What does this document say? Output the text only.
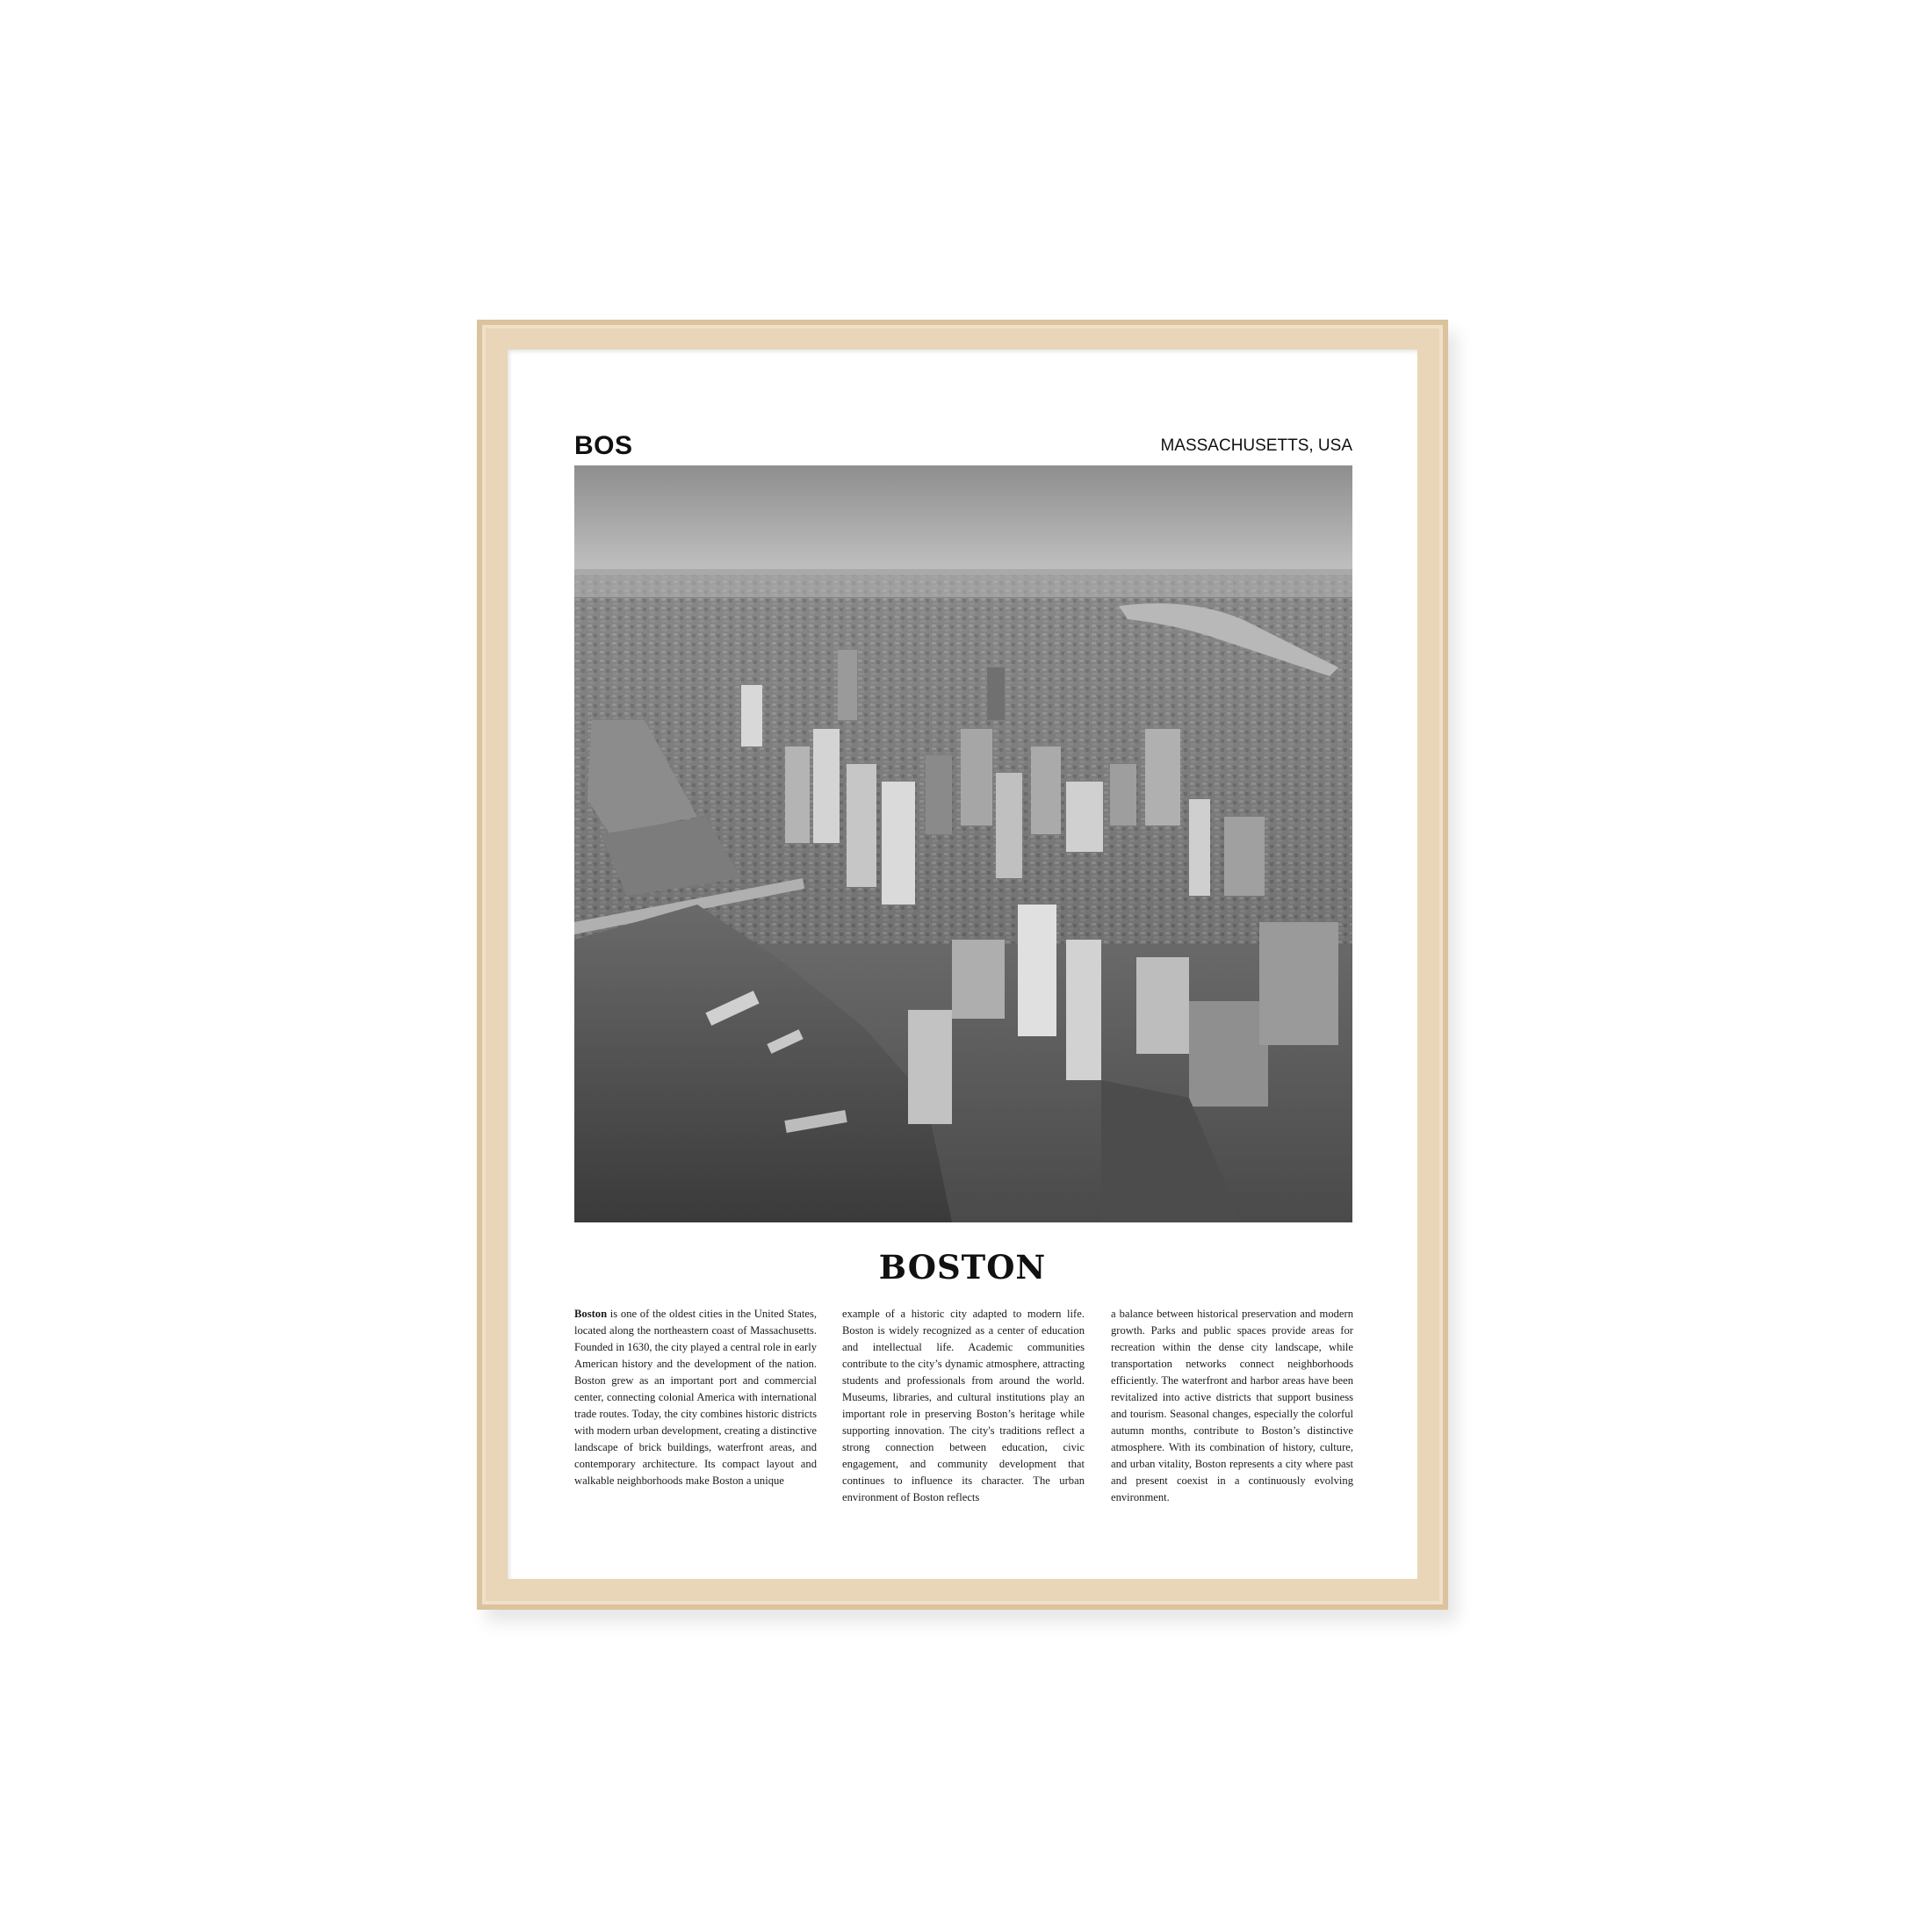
BOS	MASSACHUSETTS, USA
BOSTON
Boston is one of the oldest cities in the United States, located along the northeastern coast of Massachusetts. Founded in 1630, the city played a central role in early American history and the development of the nation. Boston grew as an important port and commercial center, connecting colonial America with international trade routes. Today, the city combines historic districts with modern urban development, creating a distinctive landscape of brick buildings, waterfront areas, and contemporary architecture. Its compact layout and walkable neighborhoods make Boston a unique
example of a historic city adapted to modern life. Boston is widely recognized as a center of education and intellectual life. Academic communities contribute to the city’s dynamic atmosphere, attracting students and professionals from around the world. Museums, libraries, and cultural institutions play an important role in preserving Boston’s heritage while supporting innovation. The city's traditions reflect a strong connection between education, civic engagement, and community development that continues to influence its character. The urban environment of Boston reflects
a balance between historical preservation and modern growth. Parks and public spaces provide areas for recreation within the dense city landscape, while transportation networks connect neighborhoods efficiently. The waterfront and harbor areas have been revitalized into active districts that support business and tourism. Seasonal changes, especially the colorful autumn months, contribute to Boston’s distinctive atmosphere. With its combination of history, culture, and urban vitality, Boston represents a city where past and present coexist in a continuously evolving environment.
